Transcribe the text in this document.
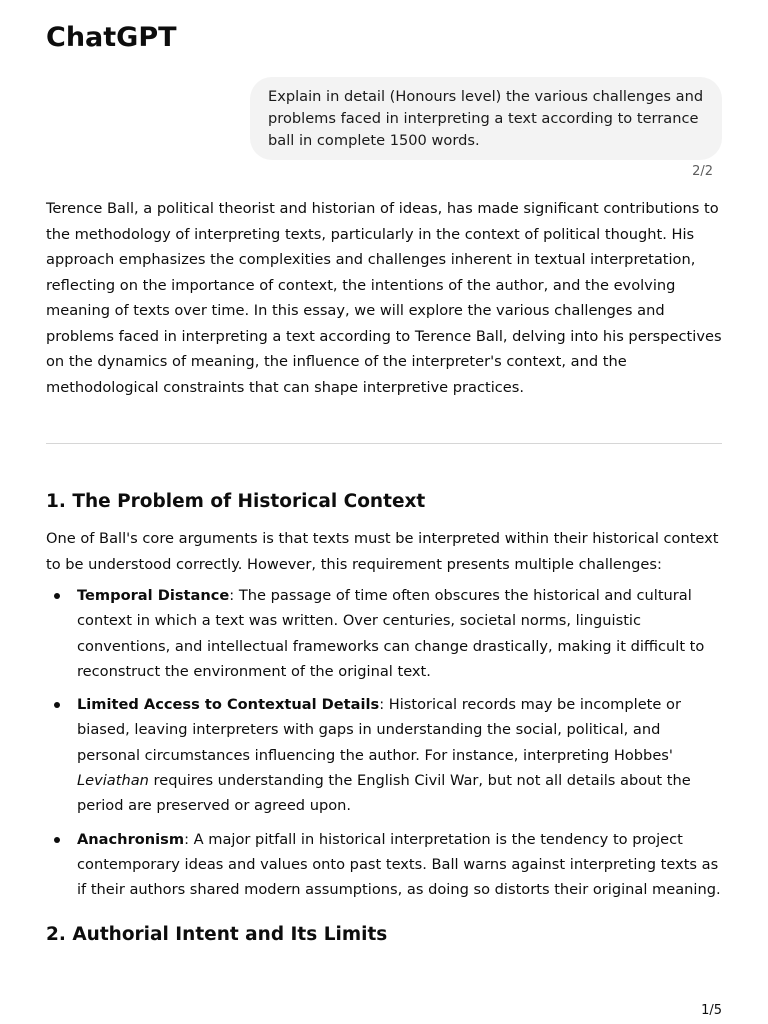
ChatGPT
Explain in detail (Honours level) the various challenges and problems faced in interpreting a text according to terrance ball in complete 1500 words.
2/2

Terence Ball, a political theorist and historian of ideas, has made significant contributions to the methodology of interpreting texts, particularly in the context of political thought. His approach emphasizes the complexities and challenges inherent in textual interpretation, reflecting on the importance of context, the intentions of the author, and the evolving meaning of texts over time. In this essay, we will explore the various challenges and problems faced in interpreting a text according to Terence Ball, delving into his perspectives on the dynamics of meaning, the influence of the interpreter's context, and the methodological constraints that can shape interpretive practices.

1. The Problem of Historical Context

One of Ball's core arguments is that texts must be interpreted within their historical context to be understood correctly. However, this requirement presents multiple challenges:

Temporal Distance: The passage of time often obscures the historical and cultural context in which a text was written. Over centuries, societal norms, linguistic conventions, and intellectual frameworks can change drastically, making it difficult to reconstruct the environment of the original text.
Limited Access to Contextual Details: Historical records may be incomplete or biased, leaving interpreters with gaps in understanding the social, political, and personal circumstances influencing the author. For instance, interpreting Hobbes' Leviathan requires understanding the English Civil War, but not all details about the period are preserved or agreed upon.
Anachronism: A major pitfall in historical interpretation is the tendency to project contemporary ideas and values onto past texts. Ball warns against interpreting texts as if their authors shared modern assumptions, as doing so distorts their original meaning.
2. Authorial Intent and Its Limits
1/5
